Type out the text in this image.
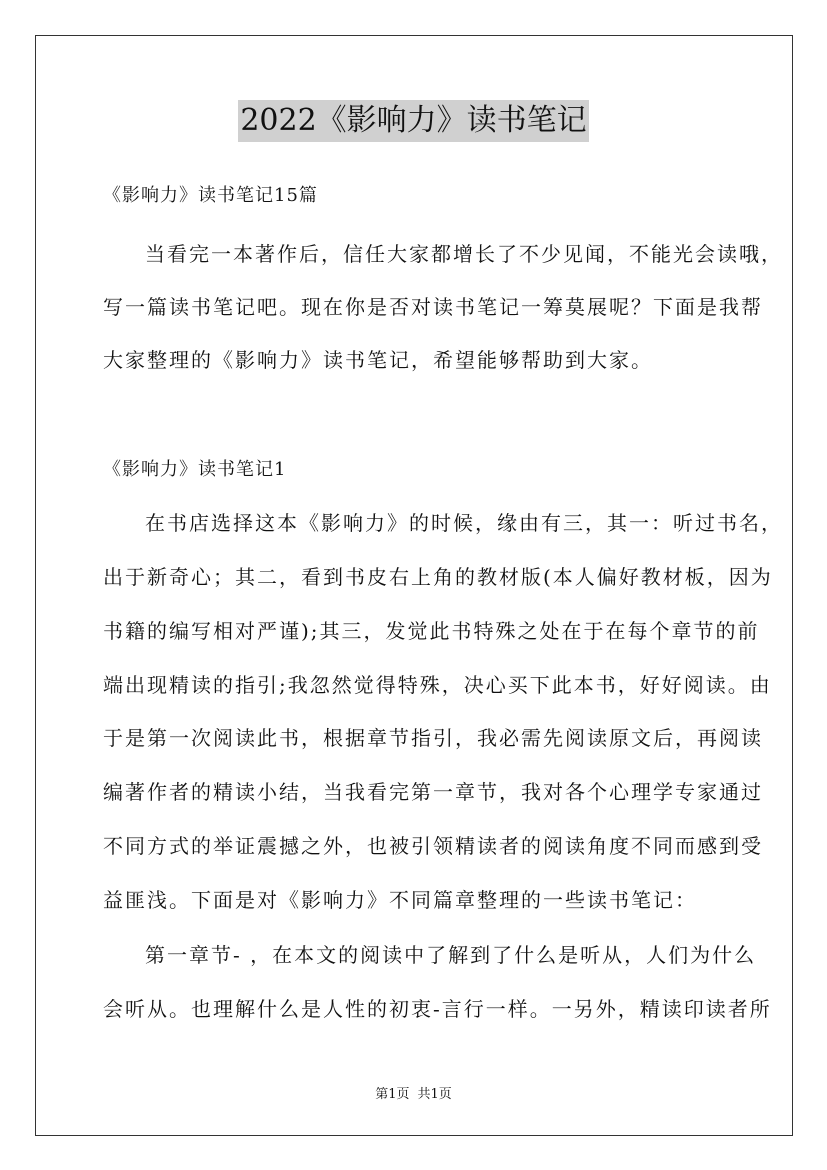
2022《影响力》读书笔记
《影响力》读书笔记15篇
当看完一本著作后，信任大家都增长了不少见闻，不能光会读哦，
写一篇读书笔记吧。现在你是否对读书笔记一筹莫展呢？下面是我帮
大家整理的《影响力》读书笔记，希望能够帮助到大家。
《影响力》读书笔记1
在书店选择这本《影响力》的时候，缘由有三，其一：听过书名，
出于新奇心；其二，看到书皮右上角的教材版(本人偏好教材板，因为
书籍的编写相对严谨);其三，发觉此书特殊之处在于在每个章节的前
端出现精读的指引;我忽然觉得特殊，决心买下此本书，好好阅读。由
于是第一次阅读此书，根据章节指引，我必需先阅读原文后，再阅读
编著作者的精读小结，当我看完第一章节，我对各个心理学专家通过
不同方式的举证震撼之外，也被引领精读者的阅读角度不同而感到受
益匪浅。下面是对《影响力》不同篇章整理的一些读书笔记：
第一章节- ，在本文的阅读中了解到了什么是听从，人们为什么
会听从。也理解什么是人性的初衷-言行一样。一另外，精读印读者所
第1页 共1页
